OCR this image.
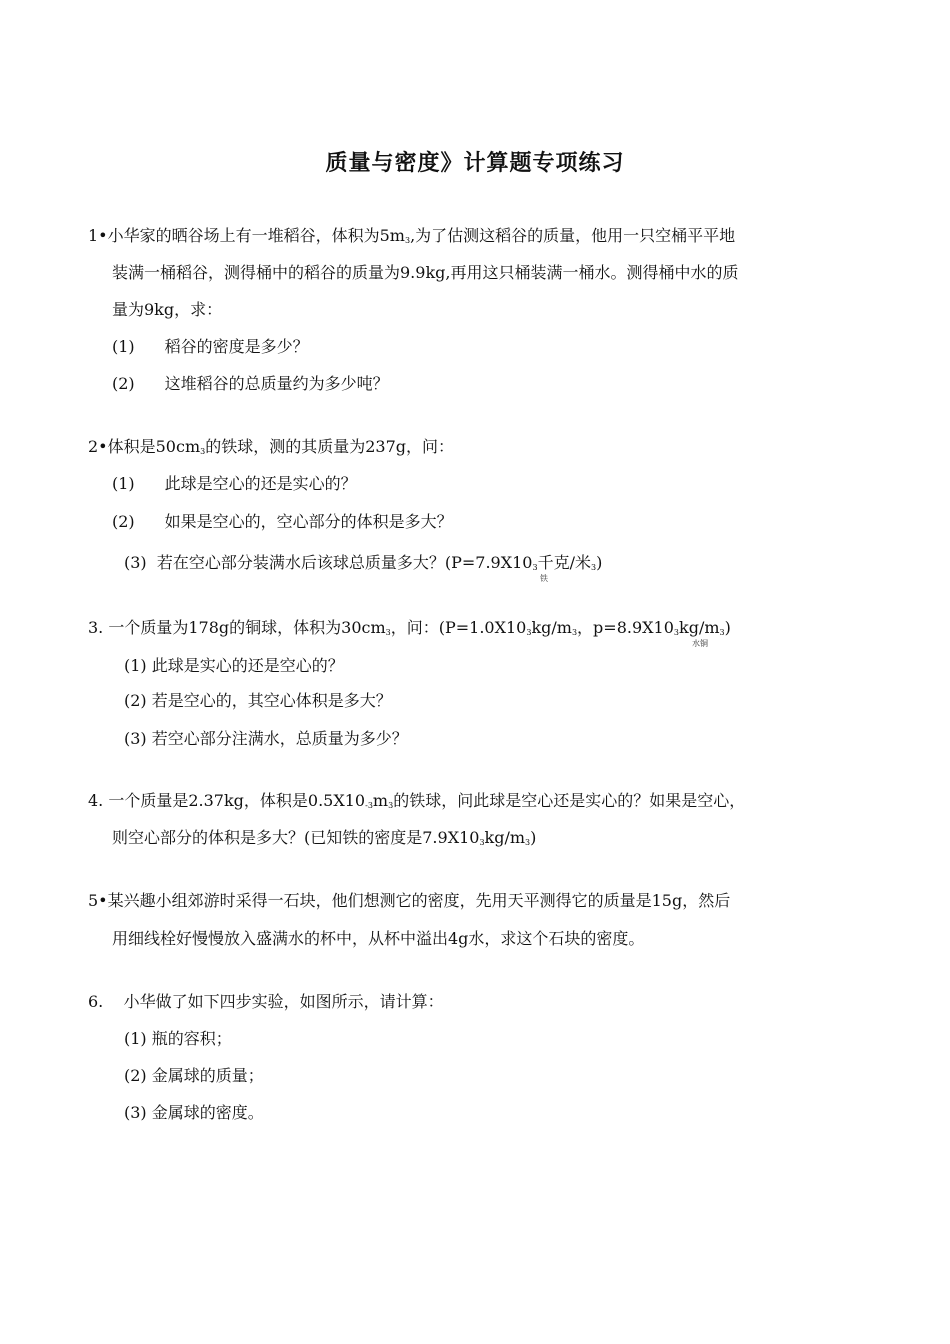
质量与密度》计算题专项练习
1•小华家的晒谷场上有一堆稻谷，体积为$5m_3$,为了估测这稻谷的质量，他用一只空桶平平地
装满一桶稻谷，测得桶中的稻谷的质量为9.9kg,再用这只桶装满一桶水。测得桶中水的质
量为9kg，求：
(1) 稻谷的密度是多少？
(2) 这堆稻谷的总质量约为多少吨？
2•体积是$50cm_3$的铁球，测的其质量为237g，问：
(1) 此球是空心的还是实心的？
(2) 如果是空心的，空心部分的体积是多大？
(3) 若在空心部分装满水后该球总质量多大？($P=7.9X10_3$千克/米$_3$)
铁
3. 一个质量为178g的铜球，体积为$30cm_3$，问：($P=1.0X10_3kg/m_3$，$p=8.9X10_3kg/m_3$)
水铜
(1) 此球是实心的还是空心的？
(2) 若是空心的，其空心体积是多大？
(3) 若空心部分注满水，总质量为多少？
4. 一个质量是2.37kg，体积是$0.5X10_{-3}m_3$的铁球，问此球是空心还是实心的？如果是空心，
则空心部分的体积是多大？(已知铁的密度是$7.9X10_3kg/m_3$)
5•某兴趣小组郊游时采得一石块，他们想测它的密度，先用天平测得它的质量是15g，然后
用细线栓好慢慢放入盛满水的杯中，从杯中溢出4g水，求这个石块的密度。
6. 小华做了如下四步实验，如图所示，请计算：
(1) 瓶的容积；
(2) 金属球的质量；
(3) 金属球的密度。
